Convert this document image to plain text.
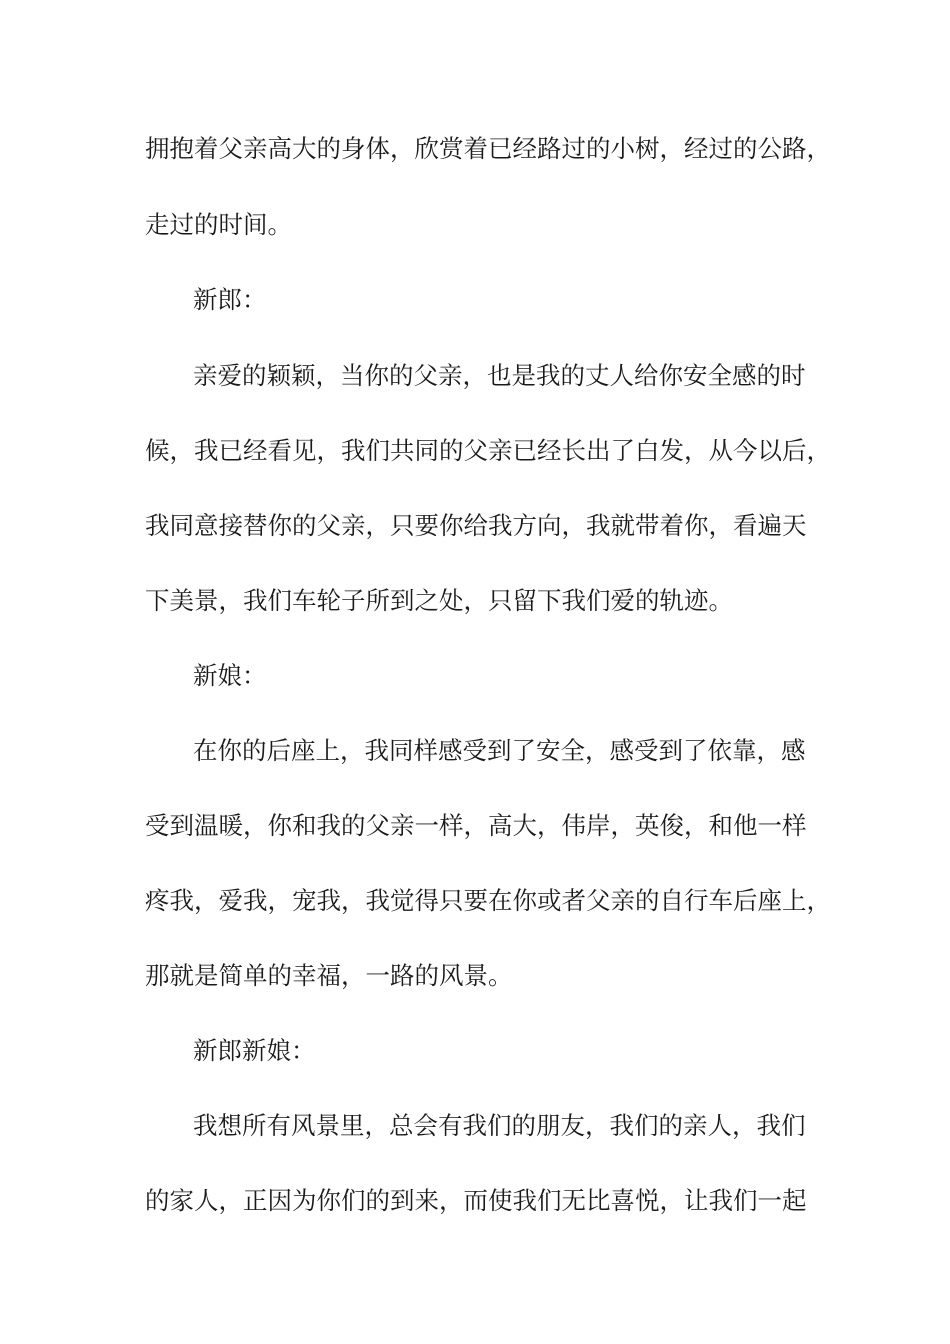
拥抱着父亲高大的身体，欣赏着已经路过的小树，经过的公路，
走过的时间。
新郎：
亲爱的颖颖，当你的父亲，也是我的丈人给你安全感的时
候，我已经看见，我们共同的父亲已经长出了白发，从今以后，
我同意接替你的父亲，只要你给我方向，我就带着你，看遍天
下美景，我们车轮子所到之处，只留下我们爱的轨迹。
新娘：
在你的后座上，我同样感受到了安全，感受到了依靠，感
受到温暖，你和我的父亲一样，高大，伟岸，英俊，和他一样
疼我，爱我，宠我，我觉得只要在你或者父亲的自行车后座上，
那就是简单的幸福，一路的风景。
新郎新娘：
我想所有风景里，总会有我们的朋友，我们的亲人，我们
的家人，正因为你们的到来，而使我们无比喜悦，让我们一起
